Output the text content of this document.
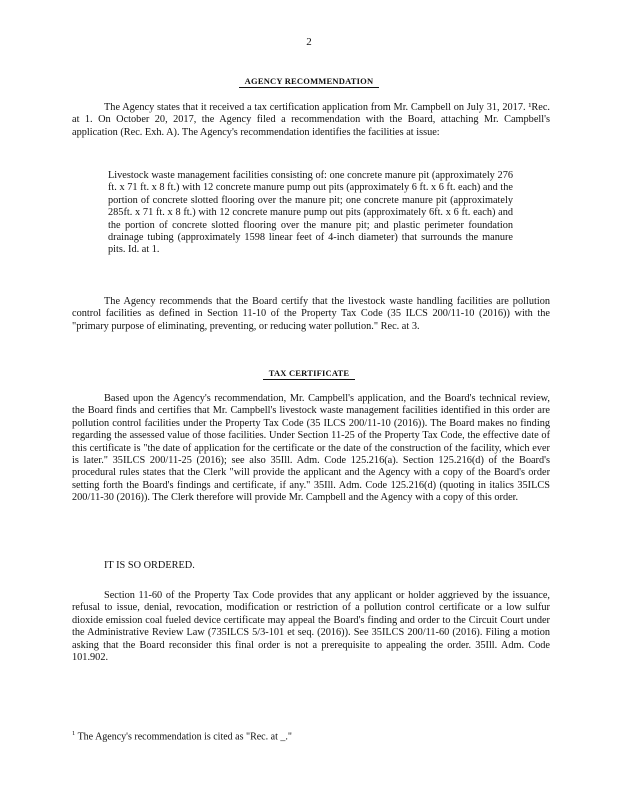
2
AGENCY RECOMMENDATION
The Agency states that it received a tax certification application from Mr. Campbell on July 31, 2017. ¹Rec. at 1. On October 20, 2017, the Agency filed a recommendation with the Board, attaching Mr. Campbell's application (Rec. Exh. A). The Agency's recommendation identifies the facilities at issue:
Livestock waste management facilities consisting of: one concrete manure pit (approximately 276 ft. x 71 ft. x 8 ft.) with 12 concrete manure pump out pits (approximately 6 ft. x 6 ft. each) and the portion of concrete slotted flooring over the manure pit; one concrete manure pit (approximately 285ft. x 71 ft. x 8 ft.) with 12 concrete manure pump out pits (approximately 6ft. x 6 ft. each) and the portion of concrete slotted flooring over the manure pit; and plastic perimeter foundation drainage tubing (approximately 1598 linear feet of 4-inch diameter) that surrounds the manure pits. Id. at 1.
The Agency recommends that the Board certify that the livestock waste handling facilities are pollution control facilities as defined in Section 11-10 of the Property Tax Code (35 ILCS 200/11-10 (2016)) with the "primary purpose of eliminating, preventing, or reducing water pollution." Rec. at 3.
TAX CERTIFICATE
Based upon the Agency's recommendation, Mr. Campbell's application, and the Board's technical review, the Board finds and certifies that Mr. Campbell's livestock waste management facilities identified in this order are pollution control facilities under the Property Tax Code (35 ILCS 200/11-10 (2016)). The Board makes no finding regarding the assessed value of those facilities. Under Section 11-25 of the Property Tax Code, the effective date of this certificate is "the date of application for the certificate or the date of the construction of the facility, which ever is later." 35ILCS 200/11-25 (2016); see also 35Ill. Adm. Code 125.216(a). Section 125.216(d) of the Board's procedural rules states that the Clerk "will provide the applicant and the Agency with a copy of the Board's order setting forth the Board's findings and certificate, if any." 35Ill. Adm. Code 125.216(d) (quoting in italics 35ILCS 200/11-30 (2016)). The Clerk therefore will provide Mr. Campbell and the Agency with a copy of this order.
IT IS SO ORDERED.
Section 11-60 of the Property Tax Code provides that any applicant or holder aggrieved by the issuance, refusal to issue, denial, revocation, modification or restriction of a pollution control certificate or a low sulfur dioxide emission coal fueled device certificate may appeal the Board's finding and order to the Circuit Court under the Administrative Review Law (735ILCS 5/3-101 et seq. (2016)). See 35ILCS 200/11-60 (2016). Filing a motion asking that the Board reconsider this final order is not a prerequisite to appealing the order. 35Ill. Adm. Code 101.902.
$^1$ The Agency's recommendation is cited as "Rec. at _."
